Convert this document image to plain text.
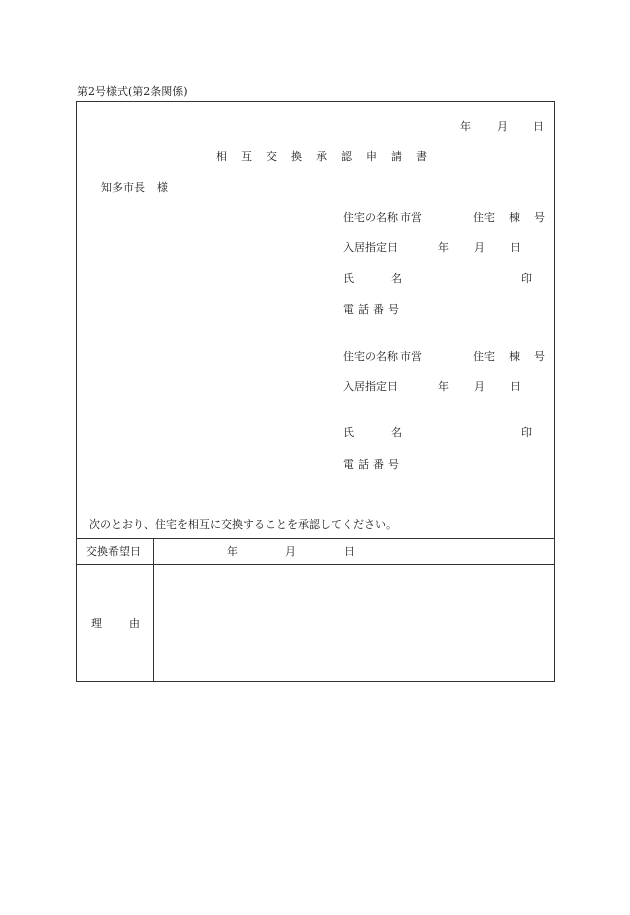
第2号様式(第2条関係)
年 月 日
相 互 交 換 承 認 申 請 書
知多市長 様
住宅の名称 市営	住宅 棟 号
入居指定日	年 月 日
氏	名	印
電 話 番 号
住宅の名称 市営	住宅 棟 号
入居指定日	年 月 日
氏	名	印
電 話 番 号
次のとおり、住宅を相互に交換することを承認してください。
交換希望日	年	月	日
理 由
